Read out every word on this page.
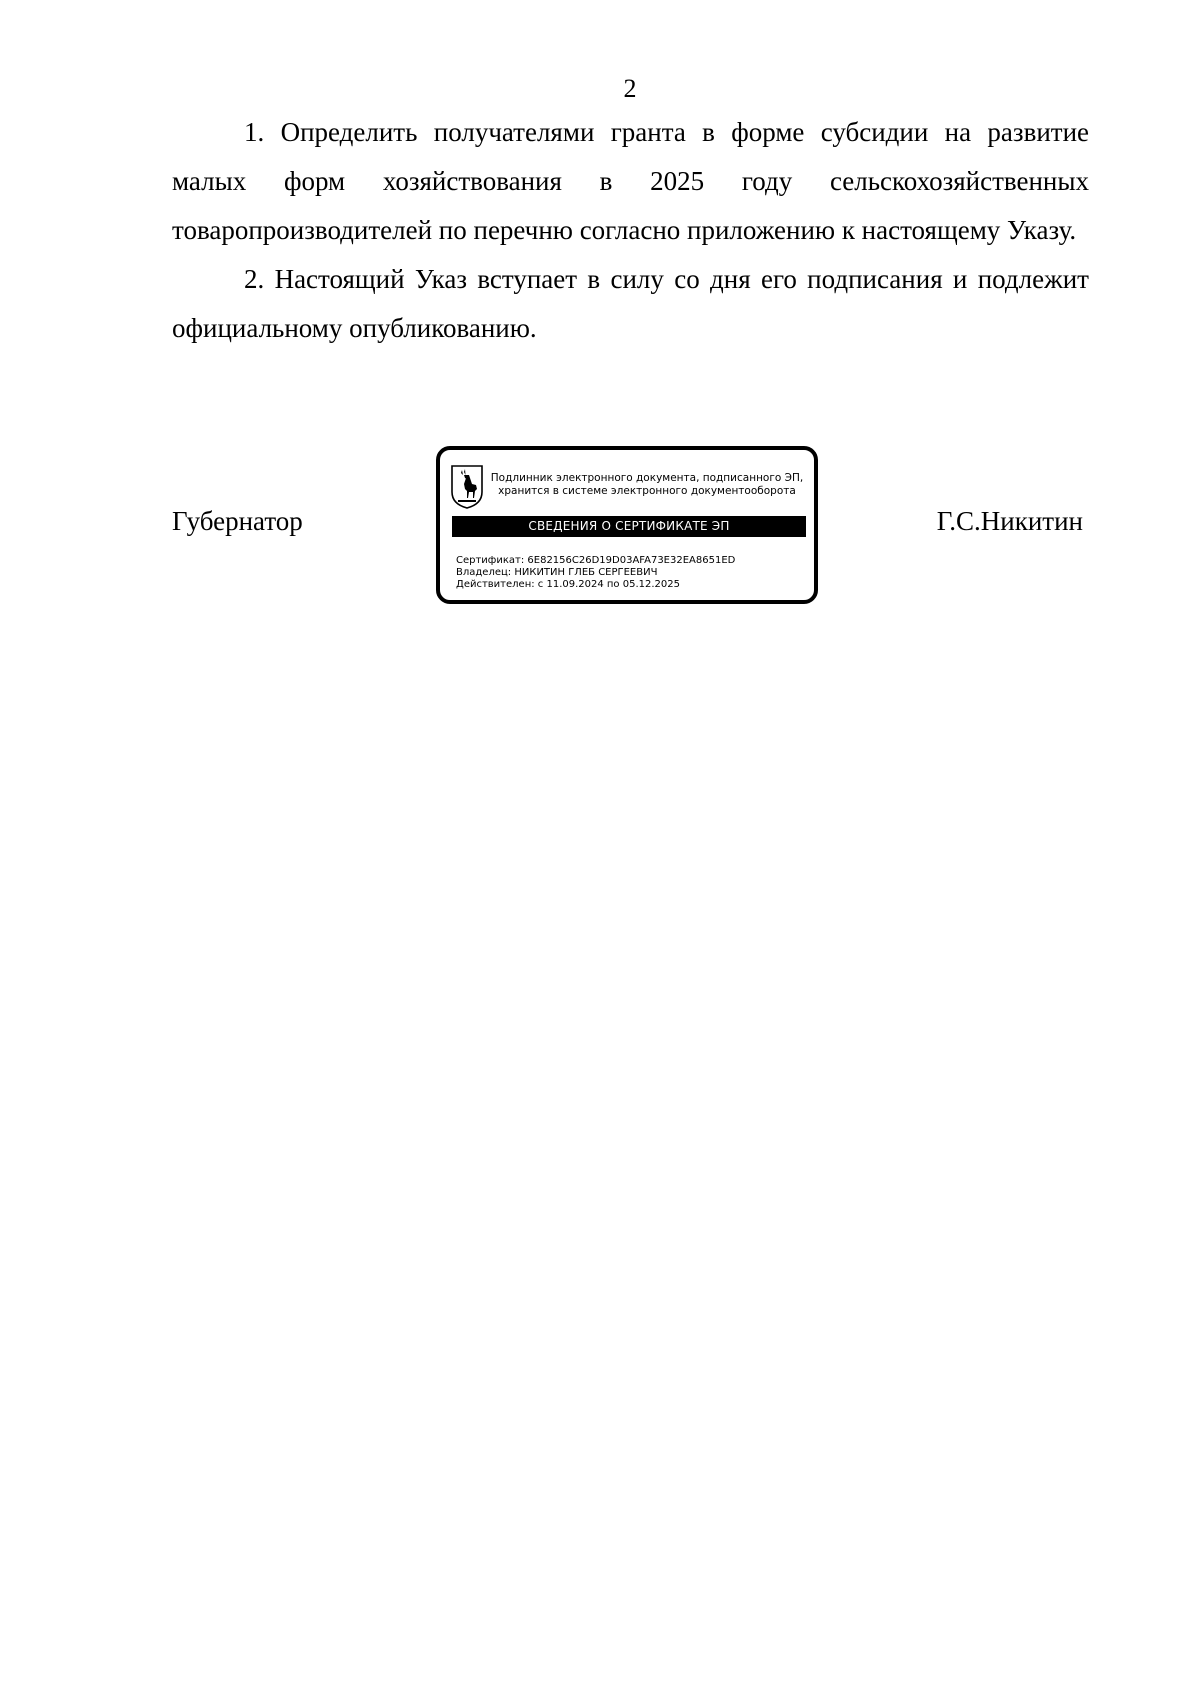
2

1. Определить получателями гранта в форме субсидии на развитие малых форм хозяйствования в 2025 году сельскохозяйственных товаропроизводителей по перечню согласно приложению к настоящему Указу.

2. Настоящий Указ вступает в силу со дня его подписания и подлежит официальному опубликованию.

Губернатор
Подлинник электронного документа, подписанного ЭП,
хранится в системе электронного документооборота
СВЕДЕНИЯ О СЕРТИФИКАТЕ ЭП
Сертификат: 6E82156C26D19D03AFA73E32EA8651ED
Владелец: НИКИТИН ГЛЕБ СЕРГЕЕВИЧ
Действителен: с 11.09.2024 по 05.12.2025
Г.С.Никитин
